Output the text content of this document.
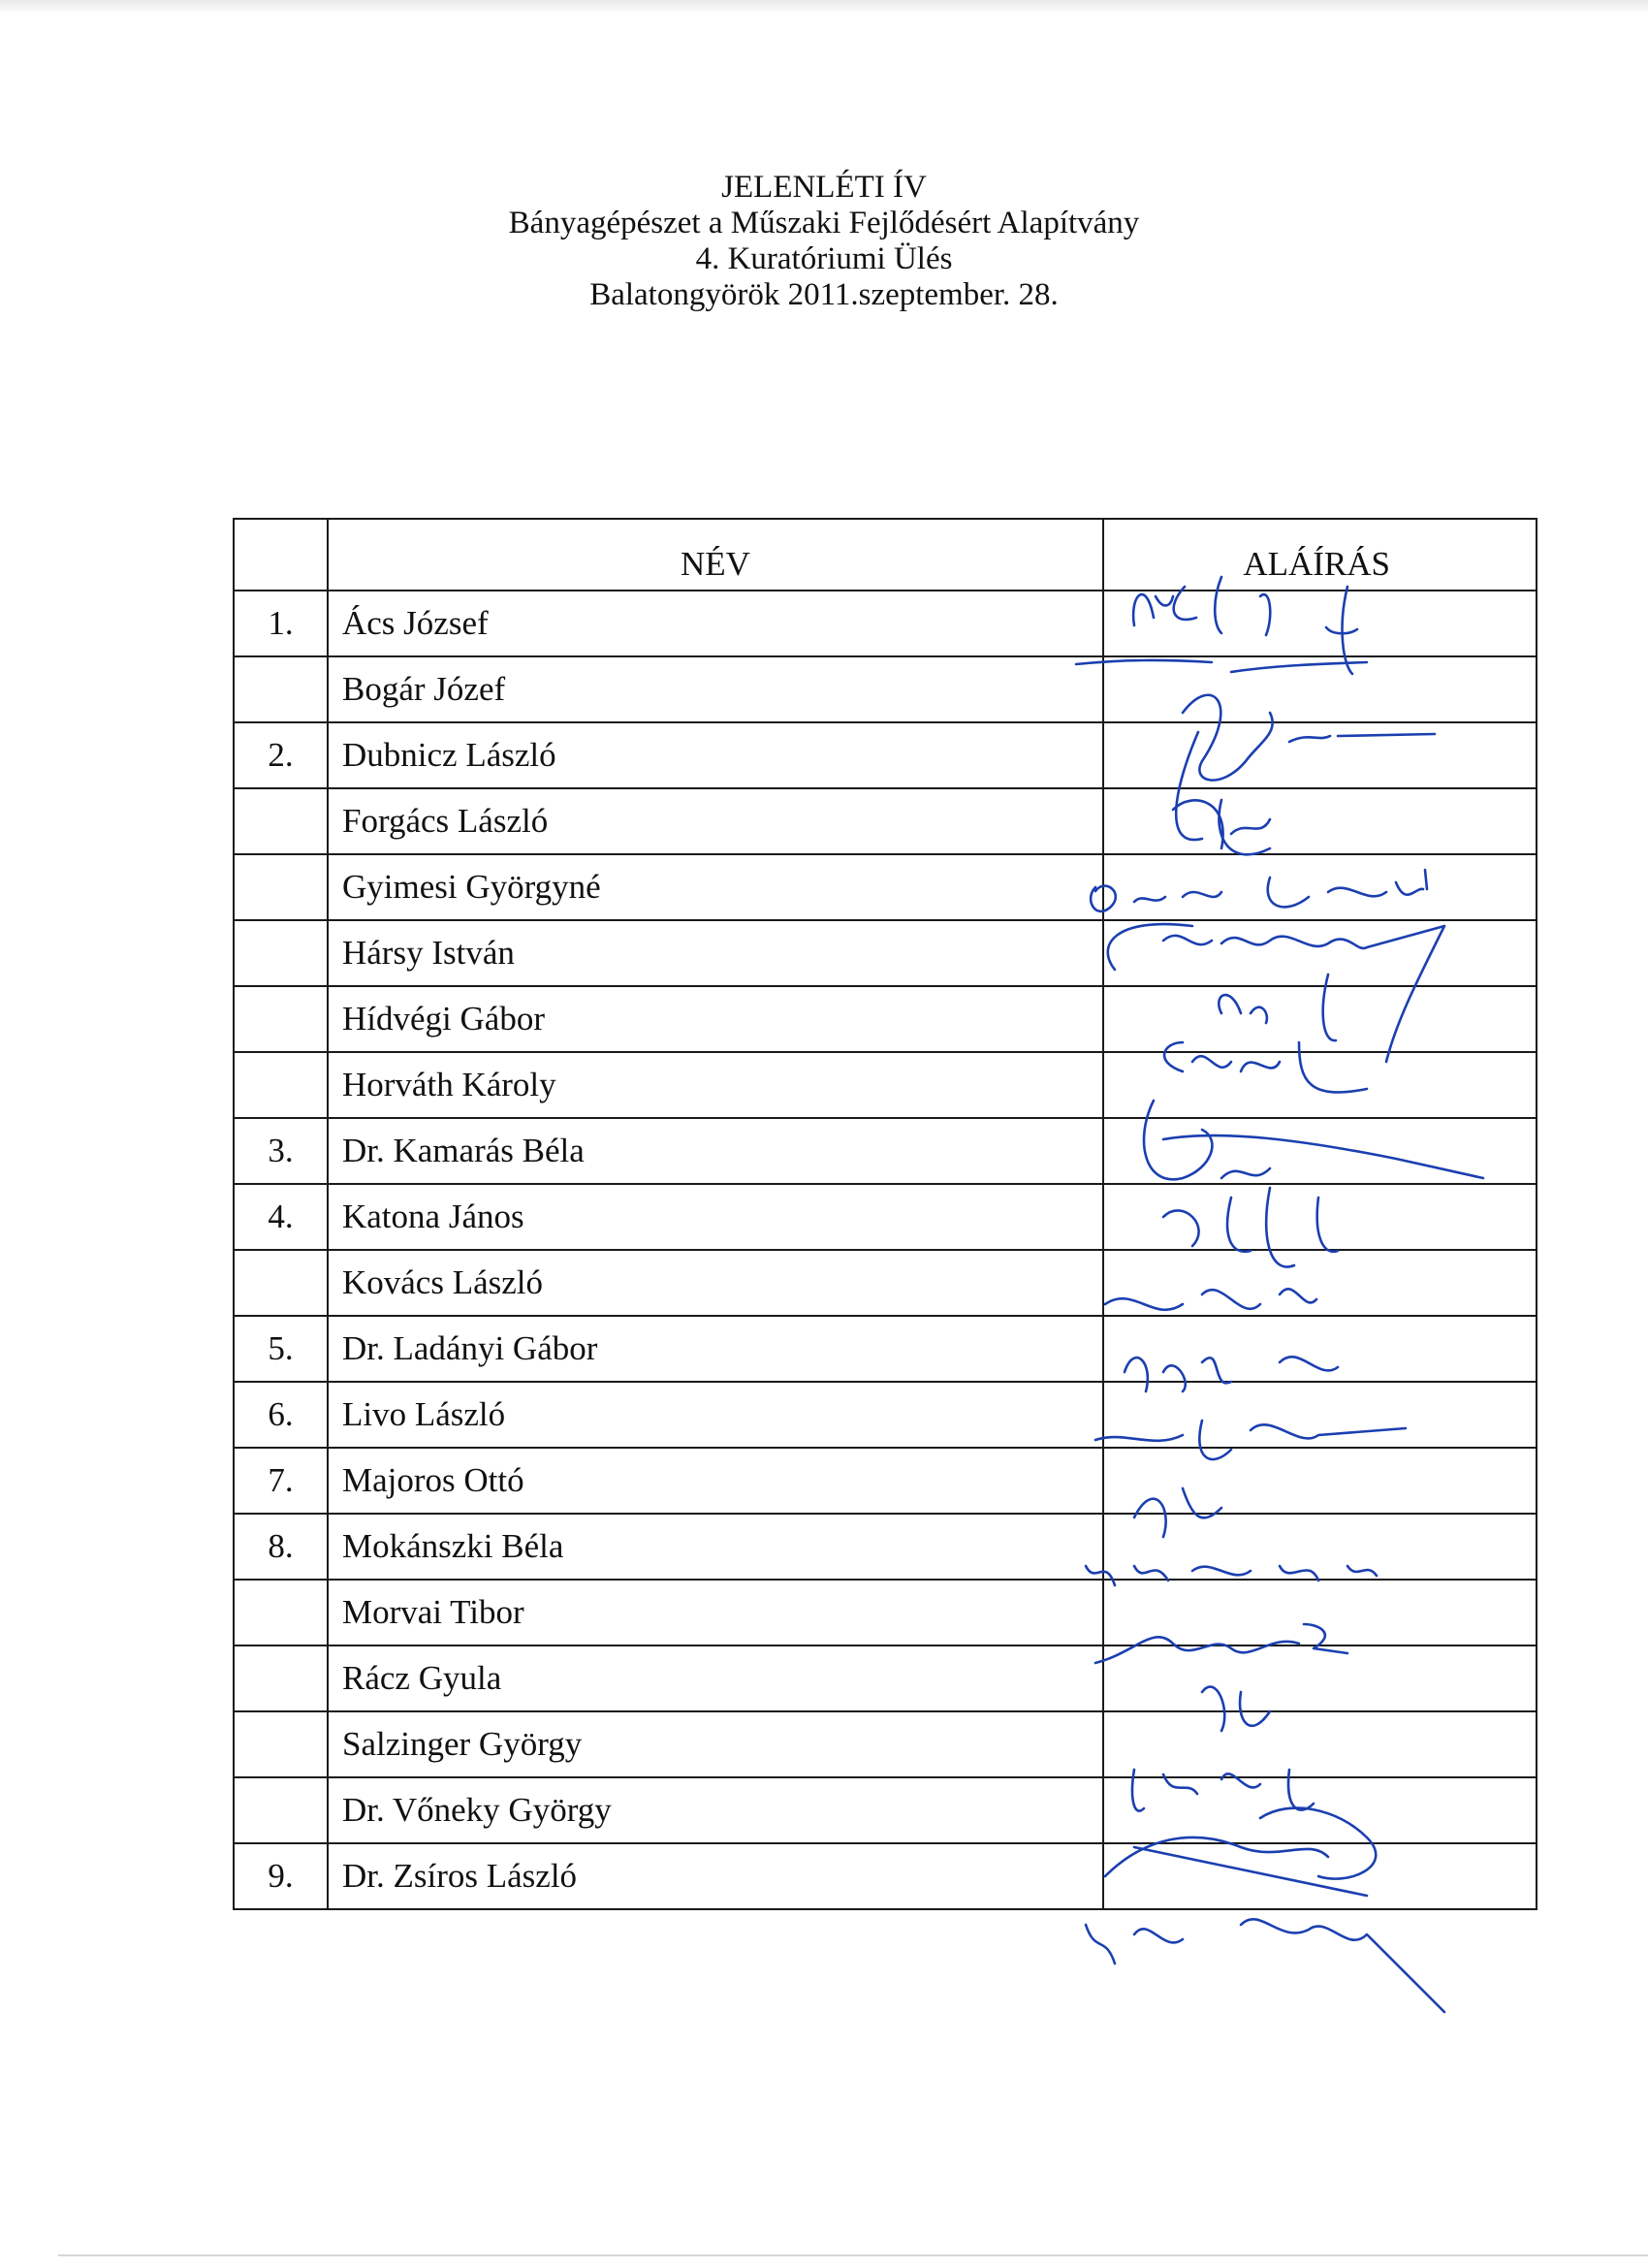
JELENLÉTI ÍV
Bányagépészet a Műszaki Fejlődésért Alapítvány
4. Kuratóriumi Ülés
Balatongyörök 2011.szeptember. 28.
	NÉV	ALÁÍRÁS
1.	Ács József	
	Bogár Józef	
2.	Dubnicz László	
	Forgács László	
	Gyimesi Györgyné	
	Hársy István	
	Hídvégi Gábor	
	Horváth Károly	
3.	Dr. Kamarás Béla	
4.	Katona János	
	Kovács László	
5.	Dr. Ladányi Gábor	
6.	Livo László	
7.	Majoros Ottó	
8.	Mokánszki Béla	
	Morvai Tibor	
	Rácz Gyula	
	Salzinger György	
	Dr. Vőneky György	
9.	Dr. Zsíros László	
